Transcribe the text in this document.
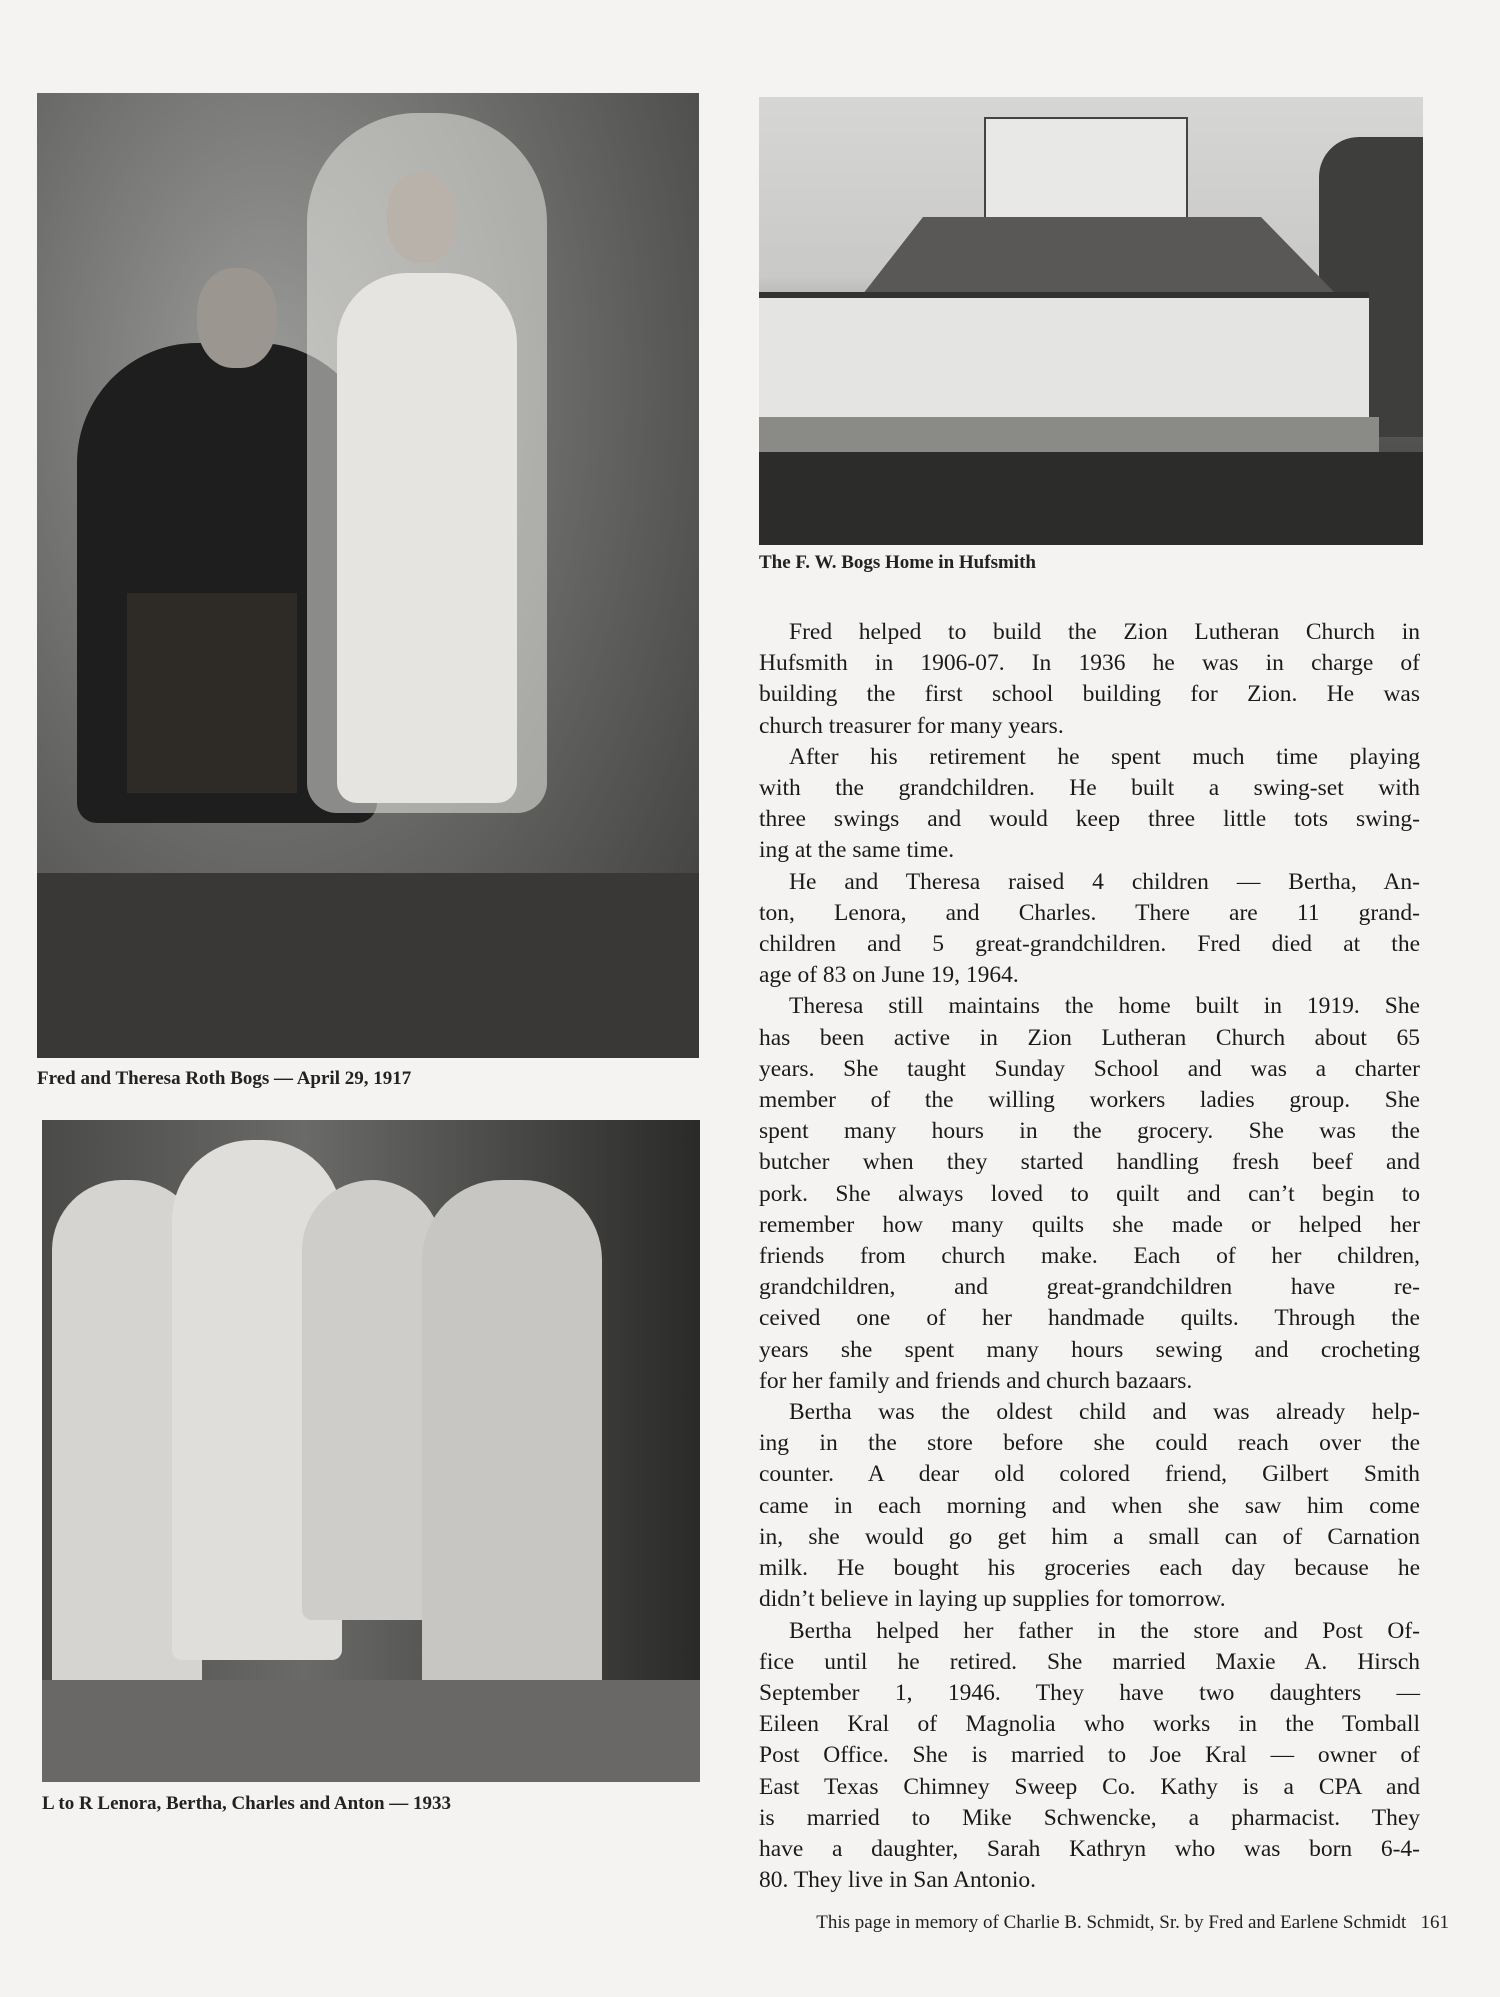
Fred and Theresa Roth Bogs — April 29, 1917
The F. W. Bogs Home in Hufsmith
L to R Lenora, Bertha, Charles and Anton — 1933
Fred helped to build the Zion Lutheran Church in
Hufsmith in 1906-07. In 1936 he was in charge of
building the first school building for Zion. He was
church treasurer for many years.
After his retirement he spent much time playing
with the grandchildren. He built a swing-set with
three swings and would keep three little tots swing-
ing at the same time.
He and Theresa raised 4 children — Bertha, An-
ton, Lenora, and Charles. There are 11 grand-
children and 5 great-grandchildren. Fred died at the
age of 83 on June 19, 1964.
Theresa still maintains the home built in 1919. She
has been active in Zion Lutheran Church about 65
years. She taught Sunday School and was a charter
member of the willing workers ladies group. She
spent many hours in the grocery. She was the
butcher when they started handling fresh beef and
pork. She always loved to quilt and can’t begin to
remember how many quilts she made or helped her
friends from church make. Each of her children,
grandchildren, and great-grandchildren have re-
ceived one of her handmade quilts. Through the
years she spent many hours sewing and crocheting
for her family and friends and church bazaars.
Bertha was the oldest child and was already help-
ing in the store before she could reach over the
counter. A dear old colored friend, Gilbert Smith
came in each morning and when she saw him come
in, she would go get him a small can of Carnation
milk. He bought his groceries each day because he
didn’t believe in laying up supplies for tomorrow.
Bertha helped her father in the store and Post Of-
fice until he retired. She married Maxie A. Hirsch
September 1, 1946. They have two daughters —
Eileen Kral of Magnolia who works in the Tomball
Post Office. She is married to Joe Kral — owner of
East Texas Chimney Sweep Co. Kathy is a CPA and
is married to Mike Schwencke, a pharmacist. They
have a daughter, Sarah Kathryn who was born 6-4-
80. They live in San Antonio.
This page in memory of Charlie B. Schmidt, Sr. by Fred and Earlene Schmidt 161
